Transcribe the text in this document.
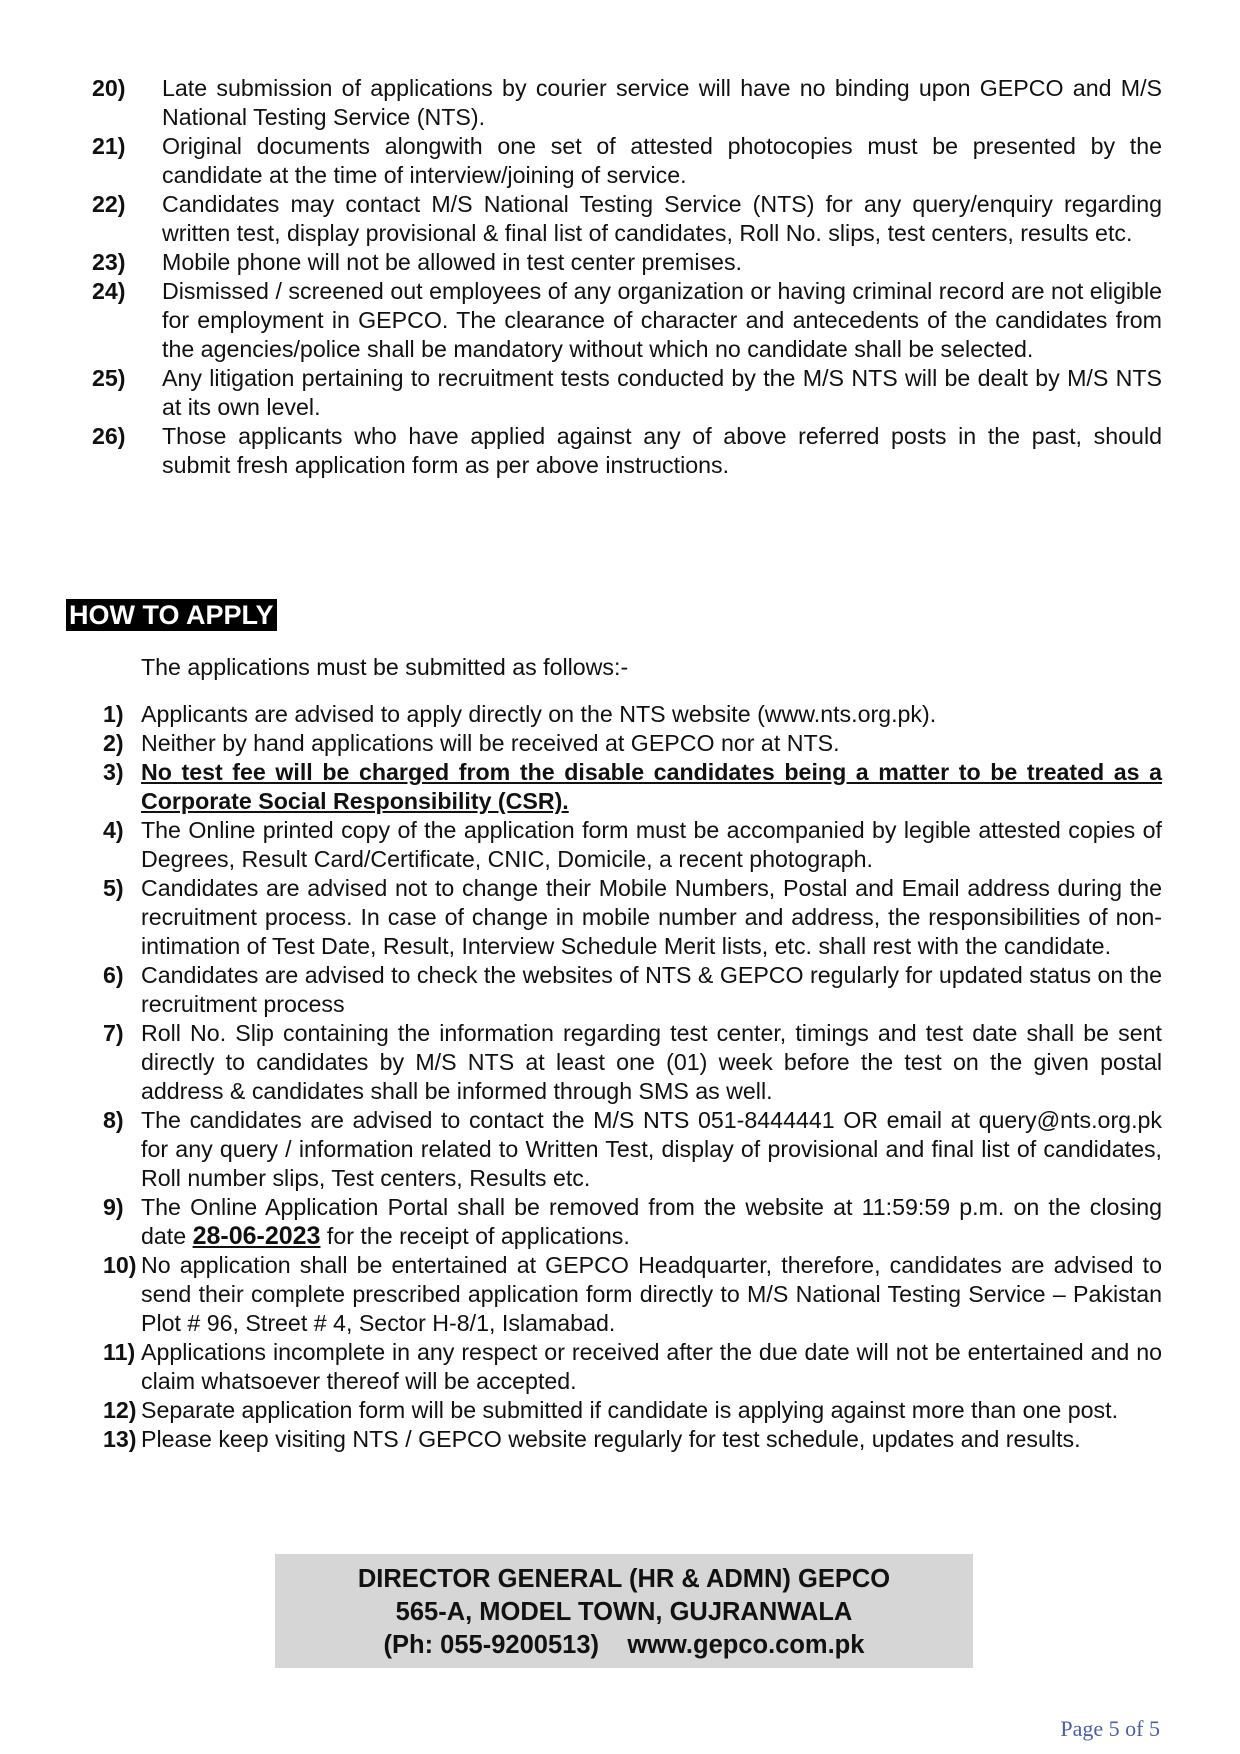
20)	Late submission of applications by courier service will have no binding upon GEPCO and M/S National Testing Service (NTS).
21)	Original documents alongwith one set of attested photocopies must be presented by the candidate at the time of interview/joining of service.
22)	Candidates may contact M/S National Testing Service (NTS) for any query/enquiry regarding written test, display provisional & final list of candidates, Roll No. slips, test centers, results etc.
23)	Mobile phone will not be allowed in test center premises.
24)	Dismissed / screened out employees of any organization or having criminal record are not eligible for employment in GEPCO. The clearance of character and antecedents of the candidates from the agencies/police shall be mandatory without which no candidate shall be selected.
25)	Any litigation pertaining to recruitment tests conducted by the M/S NTS will be dealt by M/S NTS at its own level.
26)	Those applicants who have applied against any of above referred posts in the past, should submit fresh application form as per above instructions.
HOW TO APPLY
The applications must be submitted as follows:-
1) Applicants are advised to apply directly on the NTS website (www.nts.org.pk).
2) Neither by hand applications will be received at GEPCO nor at NTS.
3) No test fee will be charged from the disable candidates being a matter to be treated as a Corporate Social Responsibility (CSR).
4) The Online printed copy of the application form must be accompanied by legible attested copies of Degrees, Result Card/Certificate, CNIC, Domicile, a recent photograph.
5) Candidates are advised not to change their Mobile Numbers, Postal and Email address during the recruitment process. In case of change in mobile number and address, the responsibilities of non-intimation of Test Date, Result, Interview Schedule Merit lists, etc. shall rest with the candidate.
6) Candidates are advised to check the websites of NTS & GEPCO regularly for updated status on the recruitment process
7) Roll No. Slip containing the information regarding test center, timings and test date shall be sent directly to candidates by M/S NTS at least one (01) week before the test on the given postal address & candidates shall be informed through SMS as well.
8) The candidates are advised to contact the M/S NTS 051-8444441 OR email at query@nts.org.pk for any query / information related to Written Test, display of provisional and final list of candidates, Roll number slips, Test centers, Results etc.
9) The Online Application Portal shall be removed from the website at 11:59:59 p.m. on the closing date 28-06-2023 for the receipt of applications.
10) No application shall be entertained at GEPCO Headquarter, therefore, candidates are advised to send their complete prescribed application form directly to M/S National Testing Service – Pakistan Plot # 96, Street # 4, Sector H-8/1, Islamabad.
11) Applications incomplete in any respect or received after the due date will not be entertained and no claim whatsoever thereof will be accepted.
12) Separate application form will be submitted if candidate is applying against more than one post.
13) Please keep visiting NTS / GEPCO website regularly for test schedule, updates and results.
DIRECTOR GENERAL (HR & ADMN) GEPCO
565-A, MODEL TOWN, GUJRANWALA
(Ph: 055-9200513) www.gepco.com.pk
Page 5 of 5
